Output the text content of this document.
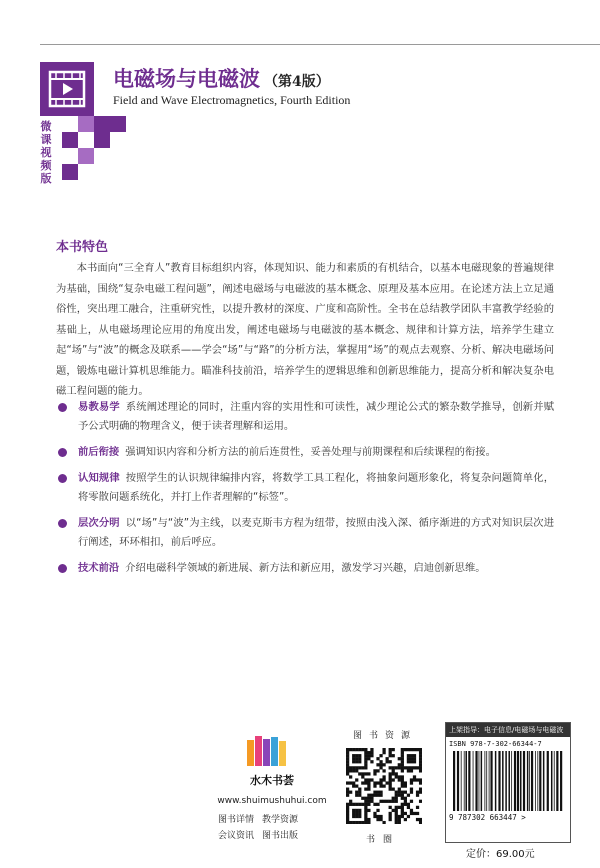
微课视频版
电磁场与电磁波 （第4版）
Field and Wave Electromagnetics, Fourth Edition
本书特色

本书面向“三全育人”教育目标组织内容，体现知识、能力和素质的有机结合，以基本电磁现象的普遍规律为基础，围绕“复杂电磁工程问题”，阐述电磁场与电磁波的基本概念、原理及基本应用。在论述方法上立足通俗性，突出理工融合，注重研究性，以提升教材的深度、广度和高阶性。全书在总结教学团队丰富教学经验的基础上，从电磁场理论应用的角度出发，阐述电磁场与电磁波的基本概念、规律和计算方法，培养学生建立起“场”与“波”的概念及联系——学会“场”与“路”的分析方法，掌握用“场”的观点去观察、分析、解决电磁场问题，锻炼电磁计算机思维能力。瞄准科技前沿，培养学生的逻辑思维和创新思维能力，提高分析和解决复杂电磁工程问题的能力。

易教易学 系统阐述理论的同时，注重内容的实用性和可读性，减少理论公式的繁杂数学推导，创新并赋予公式明确的物理含义，便于读者理解和运用。
前后衔接 强调知识内容和分析方法的前后连贯性，妥善处理与前期课程和后续课程的衔接。
认知规律 按照学生的认识规律编排内容，将数学工具工程化，将抽象问题形象化，将复杂问题简单化，将零散问题系统化，并打上作者理解的“标签”。
层次分明 以“场”与“波”为主线，以麦克斯韦方程为纽带，按照由浅入深、循序渐进的方式对知识层次进行阐述，环环相扣，前后呼应。
技术前沿 介绍电磁科学领域的新进展、新方法和新应用，激发学习兴趣，启迪创新思维。
水木书荟
www.shuimushuhui.com
图书详情 教学资源
会议资讯 图书出版
图书资源
书圈
上架指导：电子信息/电磁场与电磁波
ISBN 978-7-302-66344-7
9 787302 663447 >
定价：69.00元
